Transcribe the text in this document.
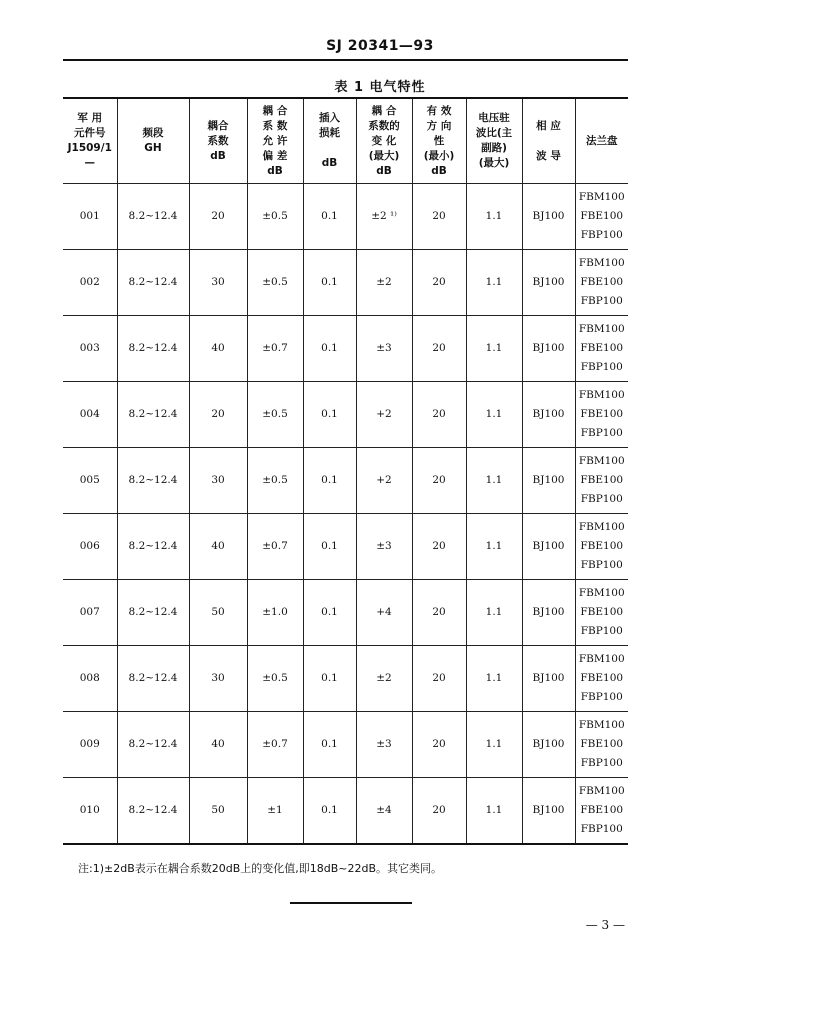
SJ 20341—93
表 1 电气特性
军 用
元件号
J1509/1—	频段
GH	耦合
系数
dB	耦 合
系 数
允 许
偏 差
dB	插入
损耗

dB	耦 合
系数的
变 化
(最大)
dB	有 效
方 向
性
(最小)
dB	电压驻
波比(主
副路)
(最大)	相 应

波 导	法兰盘
001	8.2~12.4	20	±0.5	0.1	±2 ¹⁾	20	1.1	BJ100	FBM100
FBE100
FBP100
002	8.2~12.4	30	±0.5	0.1	±2	20	1.1	BJ100	FBM100
FBE100
FBP100
003	8.2~12.4	40	±0.7	0.1	±3	20	1.1	BJ100	FBM100
FBE100
FBP100
004	8.2~12.4	20	±0.5	0.1	+2	20	1.1	BJ100	FBM100
FBE100
FBP100
005	8.2~12.4	30	±0.5	0.1	+2	20	1.1	BJ100	FBM100
FBE100
FBP100
006	8.2~12.4	40	±0.7	0.1	±3	20	1.1	BJ100	FBM100
FBE100
FBP100
007	8.2~12.4	50	±1.0	0.1	+4	20	1.1	BJ100	FBM100
FBE100
FBP100
008	8.2~12.4	30	±0.5	0.1	±2	20	1.1	BJ100	FBM100
FBE100
FBP100
009	8.2~12.4	40	±0.7	0.1	±3	20	1.1	BJ100	FBM100
FBE100
FBP100
010	8.2~12.4	50	±1	0.1	±4	20	1.1	BJ100	FBM100
FBE100
FBP100
注:1)±2dB表示在耦合系数20dB上的变化值,即18dB~22dB。其它类同。
— 3 —
